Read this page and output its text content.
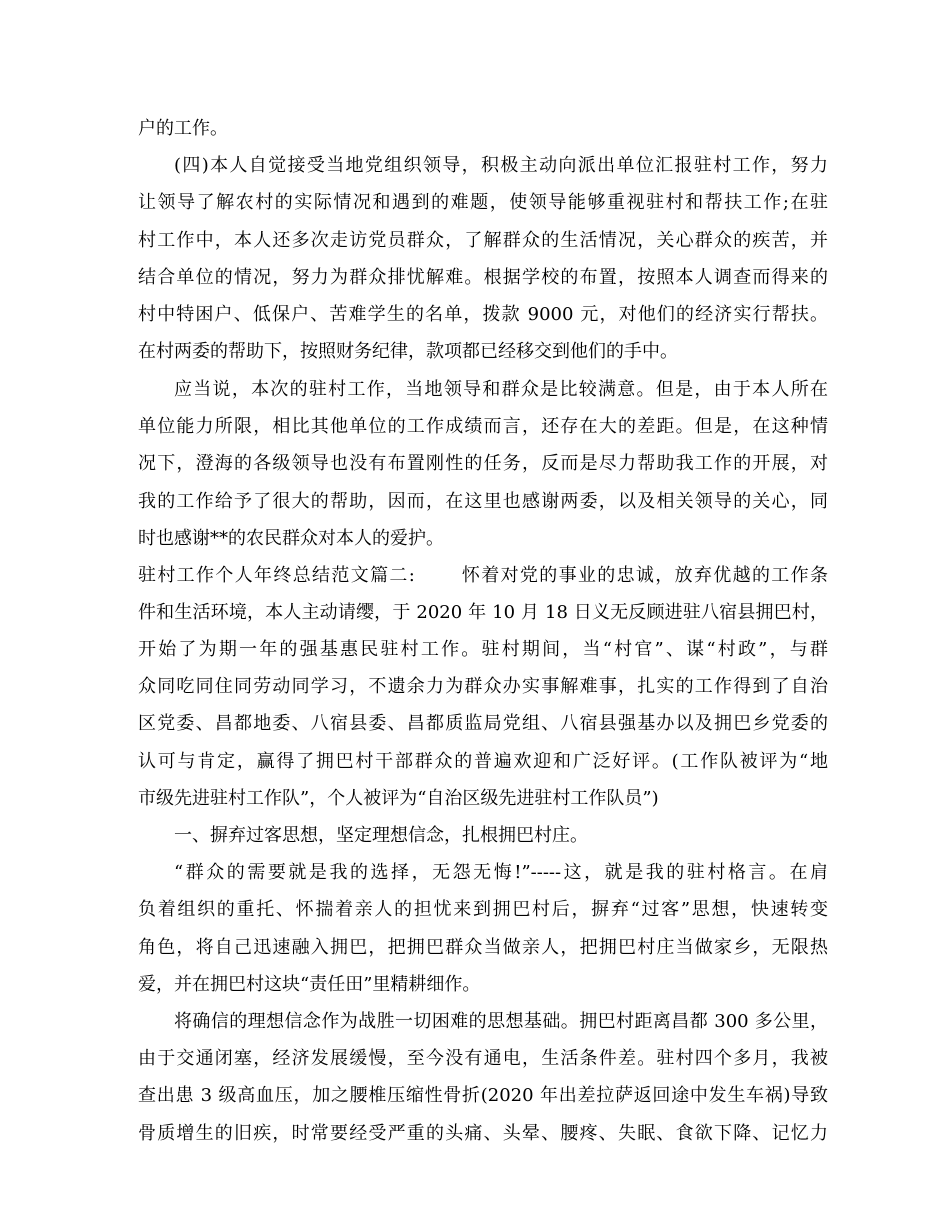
户的工作。
(四)本人自觉接受当地党组织领导，积极主动向派出单位汇报驻村工作，努力
让领导了解农村的实际情况和遇到的难题，使领导能够重视驻村和帮扶工作;在驻
村工作中，本人还多次走访党员群众，了解群众的生活情况，关心群众的疾苦，并
结合单位的情况，努力为群众排忧解难。根据学校的布置，按照本人调查而得来的
村中特困户、低保户、苦难学生的名单，拨款 9000 元，对他们的经济实行帮扶。
在村两委的帮助下，按照财务纪律，款项都已经移交到他们的手中。
应当说，本次的驻村工作，当地领导和群众是比较满意。但是，由于本人所在
单位能力所限，相比其他单位的工作成绩而言，还存在大的差距。但是，在这种情
况下，澄海的各级领导也没有布置刚性的任务，反而是尽力帮助我工作的开展，对
我的工作给予了很大的帮助，因而，在这里也感谢两委，以及相关领导的关心，同
时也感谢**的农民群众对本人的爱护。
驻村工作个人年终总结范文篇二:　　 怀着对党的事业的忠诚，放弃优越的工作条
件和生活环境，本人主动请缨，于 2020 年 10 月 18 日义无反顾进驻八宿县拥巴村，
开始了为期一年的强基惠民驻村工作。驻村期间，当“村官”、谋“村政”，与群
众同吃同住同劳动同学习，不遗余力为群众办实事解难事，扎实的工作得到了自治
区党委、昌都地委、八宿县委、昌都质监局党组、八宿县强基办以及拥巴乡党委的
认可与肯定，赢得了拥巴村干部群众的普遍欢迎和广泛好评。(工作队被评为“地
市级先进驻村工作队”，个人被评为“自治区级先进驻村工作队员”)
一、摒弃过客思想，坚定理想信念，扎根拥巴村庄。
“群众的需要就是我的选择，无怨无悔!”-----这，就是我的驻村格言。在肩
负着组织的重托、怀揣着亲人的担忧来到拥巴村后，摒弃“过客”思想，快速转变
角色，将自己迅速融入拥巴，把拥巴群众当做亲人，把拥巴村庄当做家乡，无限热
爱，并在拥巴村这块“责任田”里精耕细作。
将确信的理想信念作为战胜一切困难的思想基础。拥巴村距离昌都 300 多公里，
由于交通闭塞，经济发展缓慢，至今没有通电，生活条件差。驻村四个多月，我被
查出患 3 级高血压，加之腰椎压缩性骨折(2020 年出差拉萨返回途中发生车祸)导致
骨质增生的旧疾，时常要经受严重的头痛、头晕、腰疼、失眠、食欲下降、记忆力
